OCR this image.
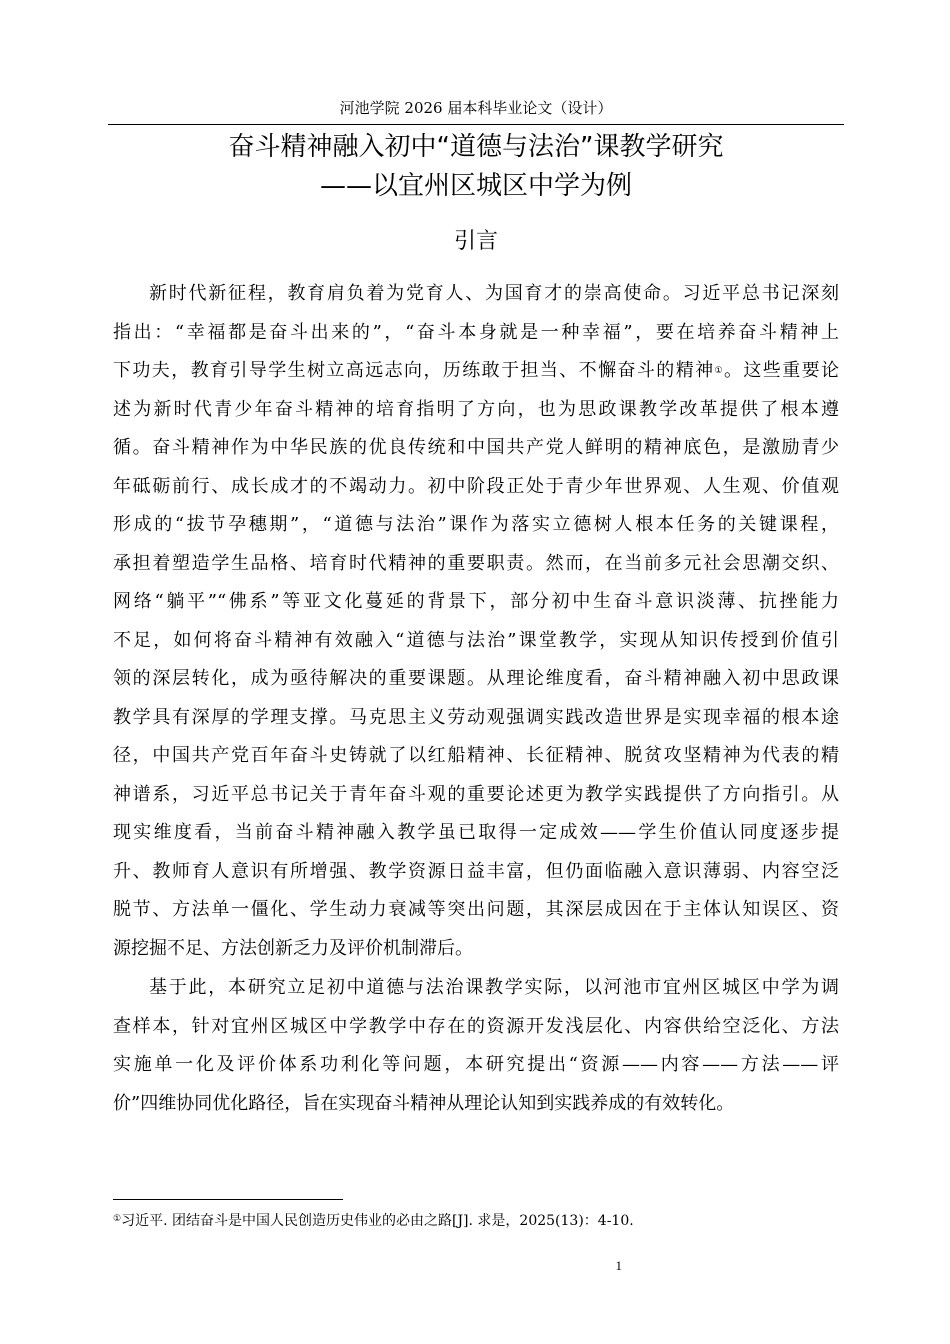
河池学院 2026 届本科毕业论文（设计）
奋斗精神融入初中“道德与法治”课教学研究
——以宜州区城区中学为例
引言
新时代新征程，教育肩负着为党育人、为国育才的崇高使命。习近平总书记深刻
指出：“幸福都是奋斗出来的”，“奋斗本身就是一种幸福”，要在培养奋斗精神上
下功夫，教育引导学生树立高远志向，历练敢于担当、不懈奋斗的精神①。这些重要论
述为新时代青少年奋斗精神的培育指明了方向，也为思政课教学改革提供了根本遵
循。奋斗精神作为中华民族的优良传统和中国共产党人鲜明的精神底色，是激励青少
年砥砺前行、成长成才的不竭动力。初中阶段正处于青少年世界观、人生观、价值观
形成的“拔节孕穗期”，“道德与法治”课作为落实立德树人根本任务的关键课程，
承担着塑造学生品格、培育时代精神的重要职责。然而，在当前多元社会思潮交织、
网络“躺平”“佛系”等亚文化蔓延的背景下，部分初中生奋斗意识淡薄、抗挫能力
不足，如何将奋斗精神有效融入“道德与法治”课堂教学，实现从知识传授到价值引
领的深层转化，成为亟待解决的重要课题。从理论维度看，奋斗精神融入初中思政课
教学具有深厚的学理支撑。马克思主义劳动观强调实践改造世界是实现幸福的根本途
径，中国共产党百年奋斗史铸就了以红船精神、长征精神、脱贫攻坚精神为代表的精
神谱系，习近平总书记关于青年奋斗观的重要论述更为教学实践提供了方向指引。从
现实维度看，当前奋斗精神融入教学虽已取得一定成效——学生价值认同度逐步提
升、教师育人意识有所增强、教学资源日益丰富，但仍面临融入意识薄弱、内容空泛
脱节、方法单一僵化、学生动力衰减等突出问题，其深层成因在于主体认知误区、资
源挖掘不足、方法创新乏力及评价机制滞后。
基于此，本研究立足初中道德与法治课教学实际，以河池市宜州区城区中学为调
查样本，针对宜州区城区中学教学中存在的资源开发浅层化、内容供给空泛化、方法
实施单一化及评价体系功利化等问题，本研究提出“资源——内容——方法——评
价”四维协同优化路径，旨在实现奋斗精神从理论认知到实践养成的有效转化。
①习近平. 团结奋斗是中国人民创造历史伟业的必由之路[J]. 求是，2025(13)：4-10.
1
